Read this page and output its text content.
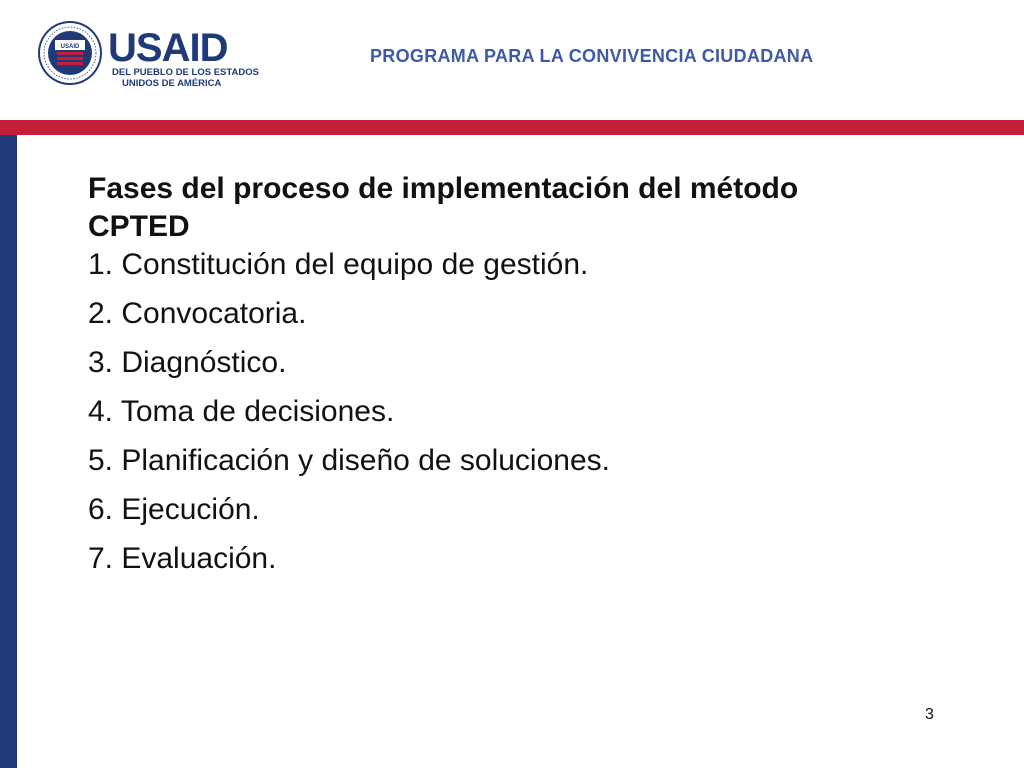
USAID USAID
DEL PUEBLO DE LOS ESTADOS
UNIDOS DE AMÉRICA
PROGRAMA PARA LA CONVIVENCIA CIUDADANA
Fases del proceso de implementación del método CPTED
1. Constitución del equipo de gestión.
2. Convocatoria.
3. Diagnóstico.
4. Toma de decisiones.
5. Planificación y diseño de soluciones.
6. Ejecución.
7. Evaluación.
3
